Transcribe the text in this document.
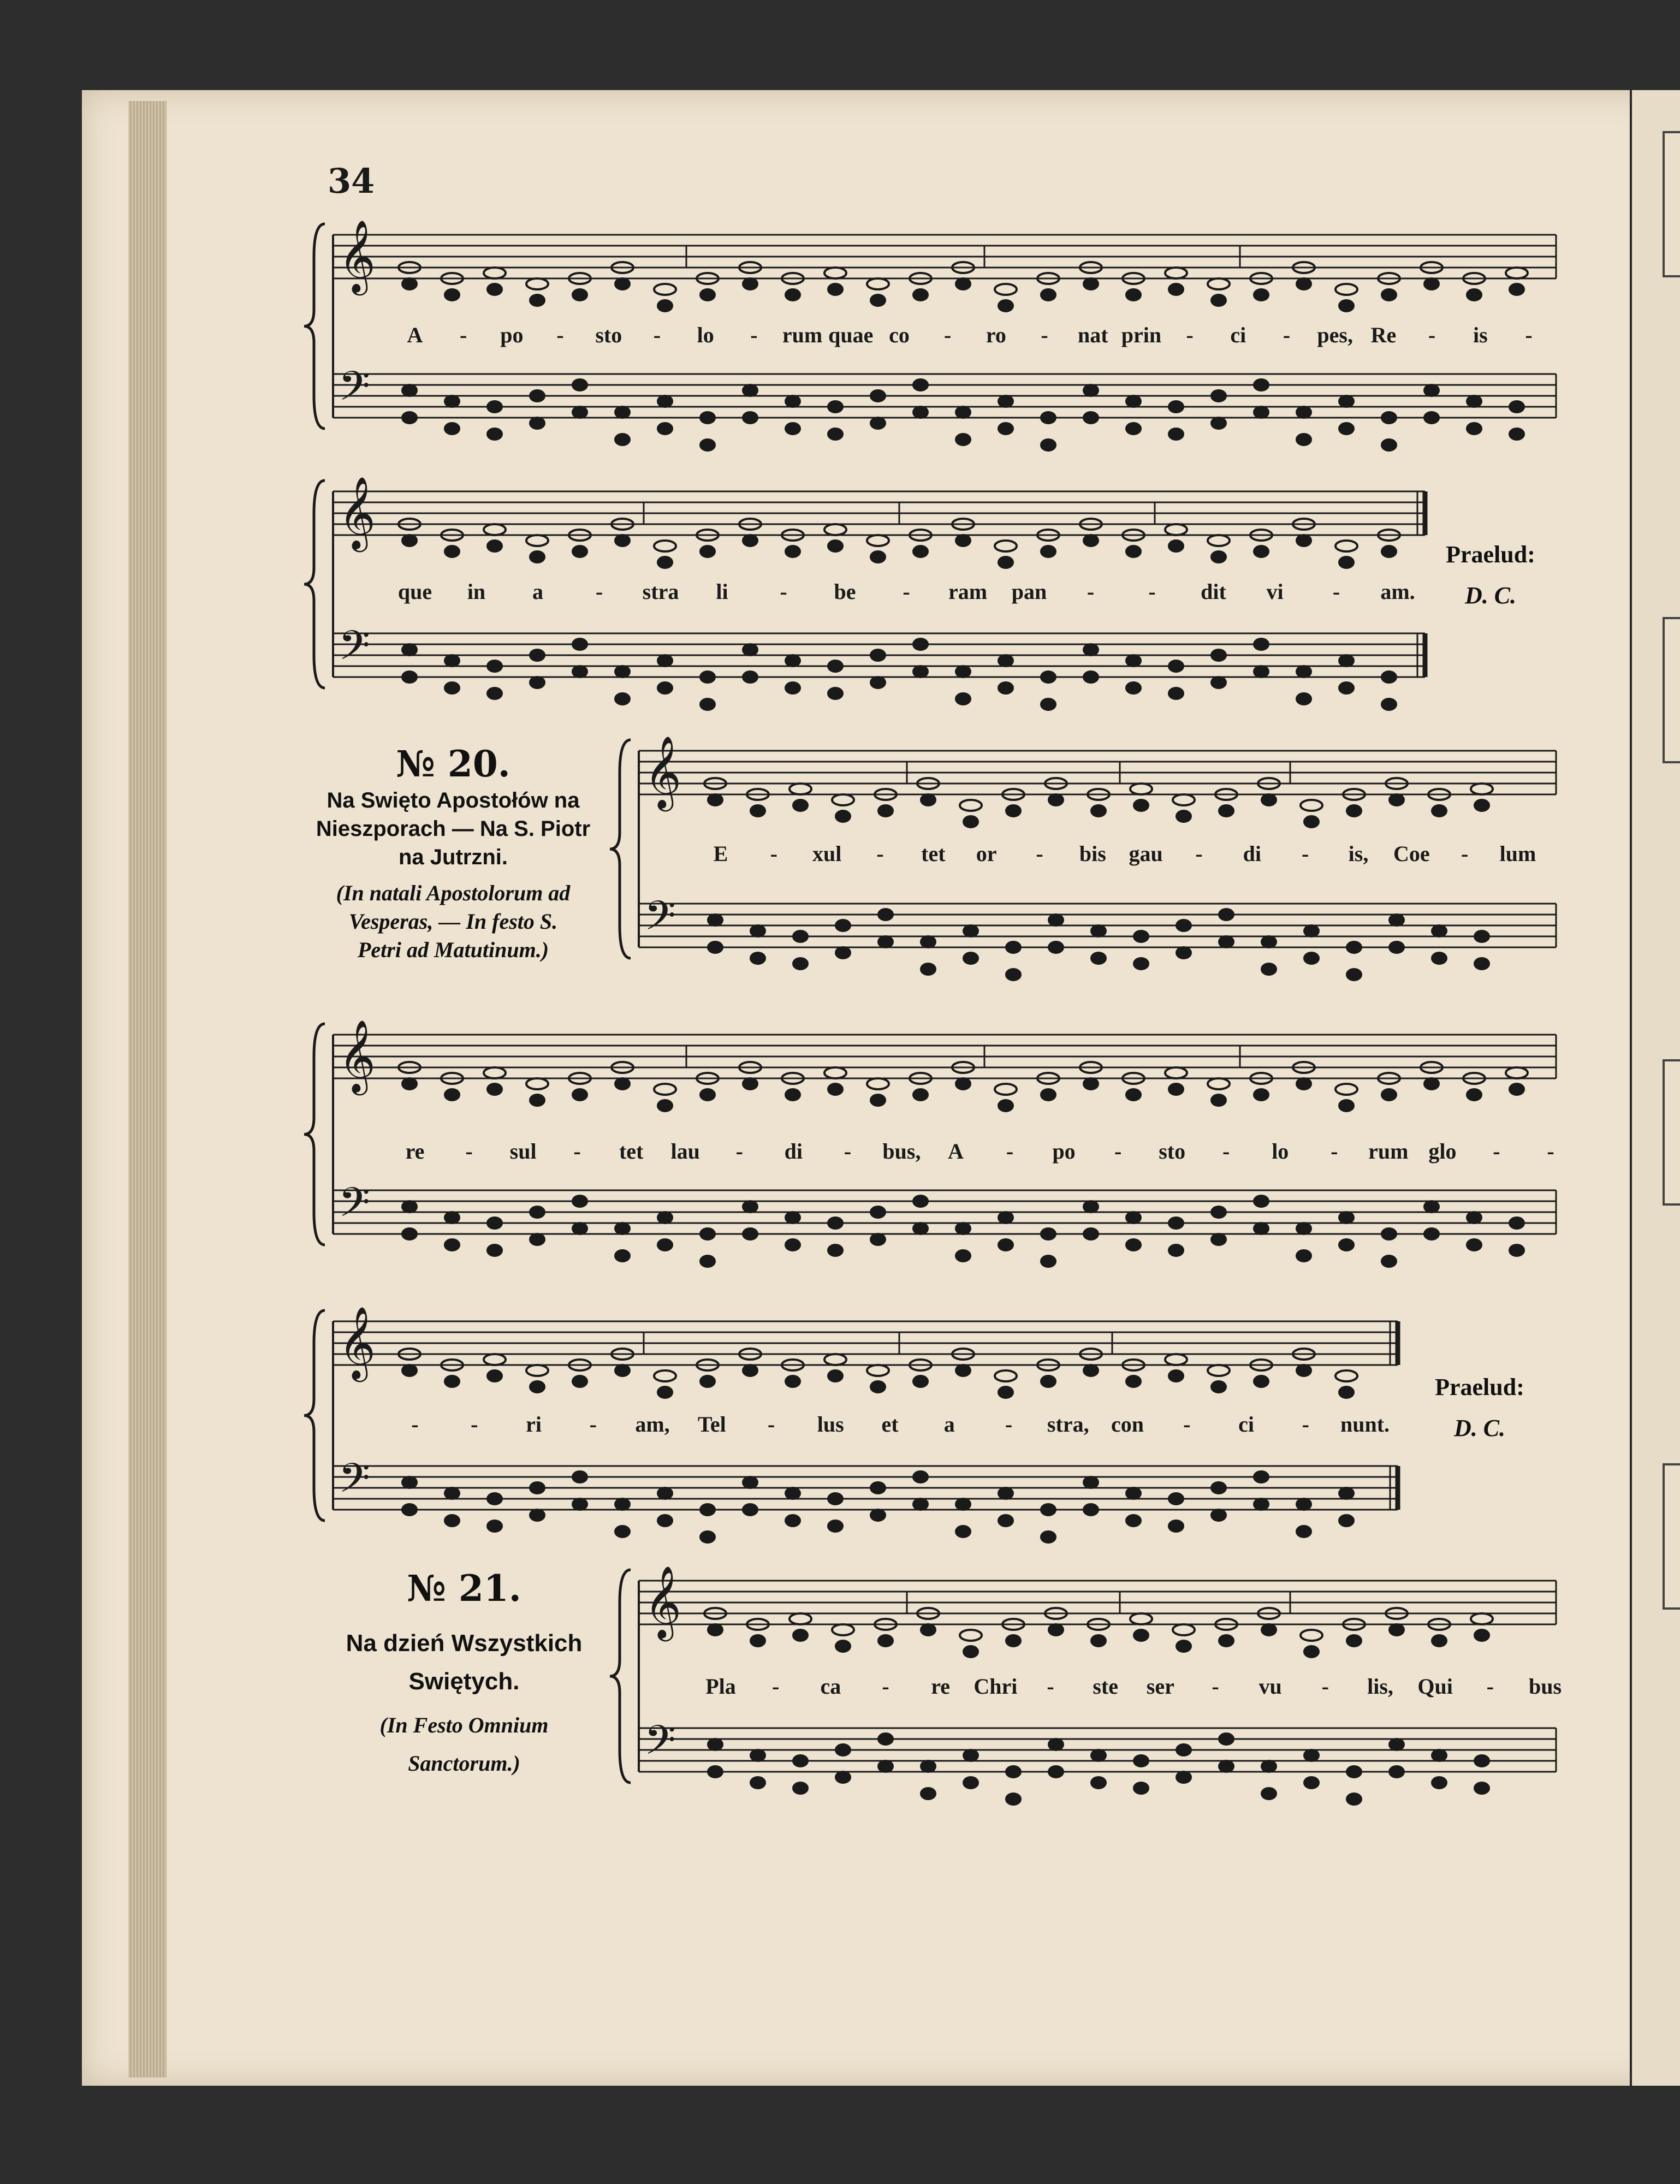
34
𝄞
𝄢
𝄞
𝄢
𝄞
𝄢
𝄞
𝄢
𝄞
𝄢
𝄞
𝄢
№ 20.
Na Swięto Apostołów na
Nieszporach — Na S. Piotr
na Jutrzni.
(In natali Apostolorum ad
Vesperas, — In festo S.
Petri ad Matutinum.)
№ 21.
Na dzień Wszystkich
Swiętych.
(In Festo Omnium
Sanctorum.)
Praelud:
D. C.
Praelud:
D. C.
A - po - sto - lo - rum quae co - ro - nat prin - ci - pes, Re - is -
que in a - stra li - be - ram pan - - dit vi - am.
E - xul - tet or - bis gau - di - is, Coe - lum
re - sul - tet lau - di - bus, A - po - sto - lo - rum glo - -
- - ri - am, Tel - lus et a - stra, con - ci - nunt.
Pla - ca - re Chri - ste ser - vu - lis, Qui - bus
